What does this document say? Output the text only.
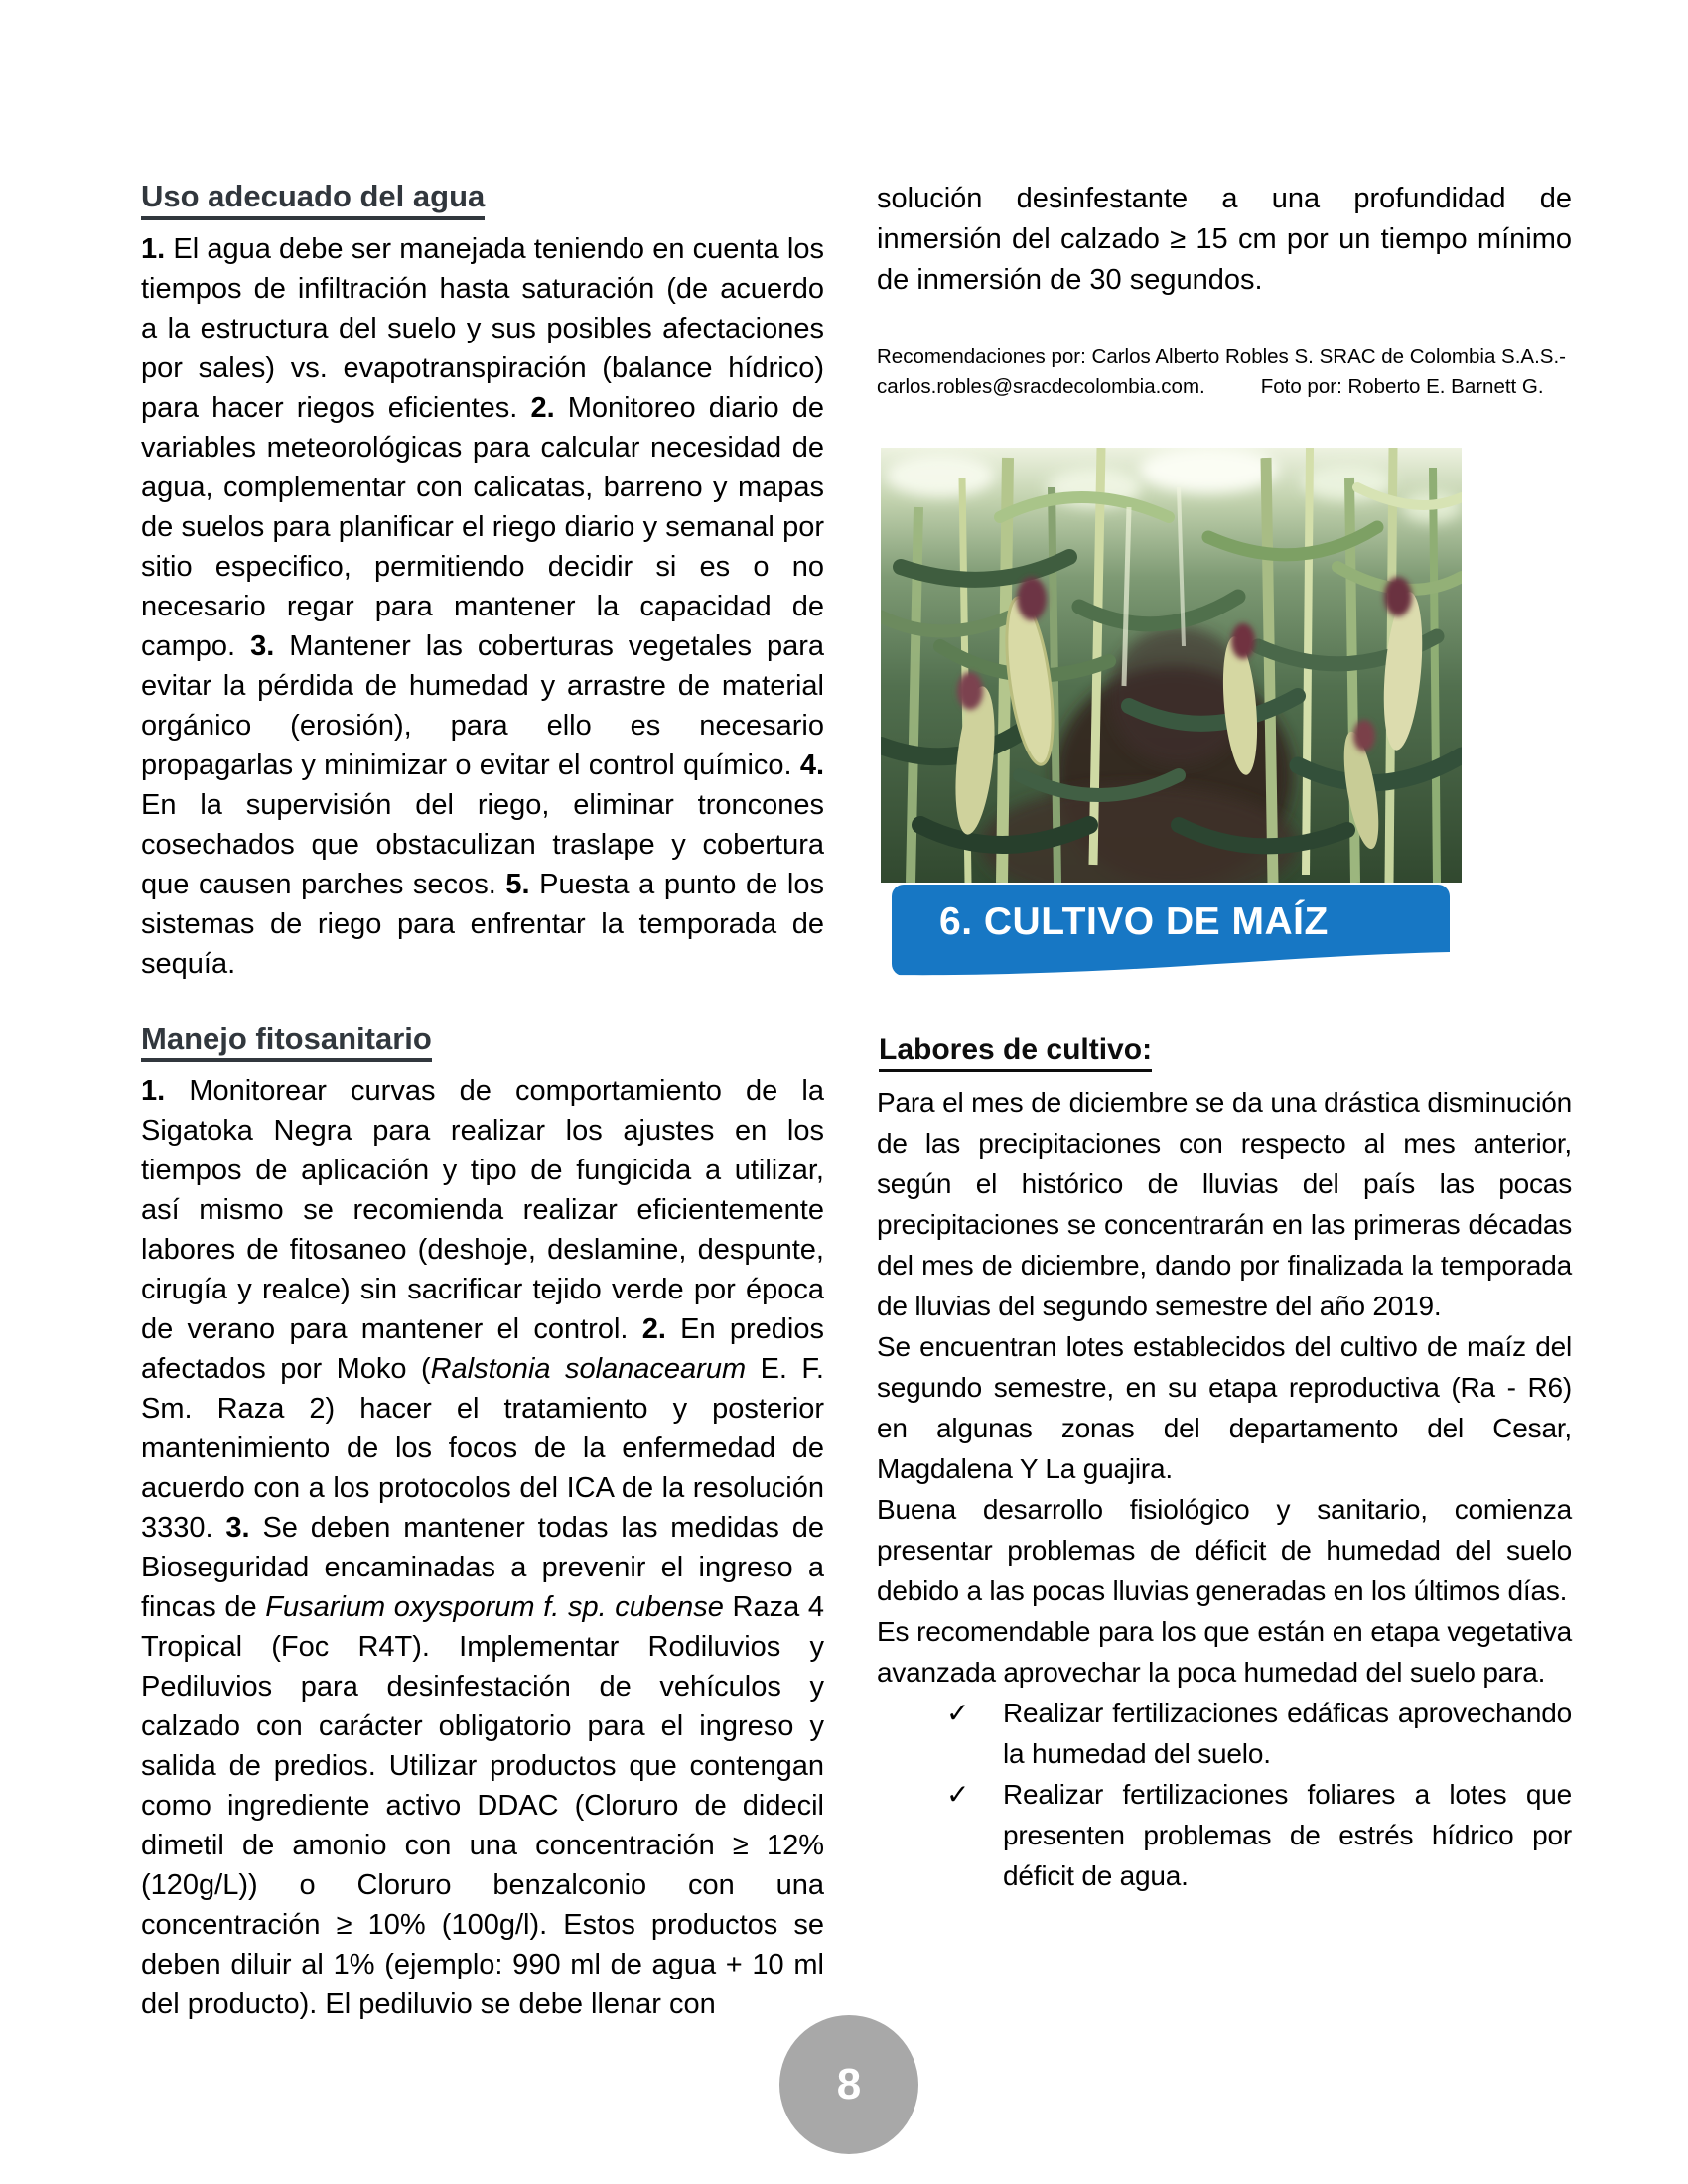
Uso adecuado del agua
1. El agua debe ser manejada teniendo en cuenta los tiempos de infiltración hasta saturación (de acuerdo a la estructura del suelo y sus posibles afectaciones por sales) vs. evapotranspiración (balance hídrico) para hacer riegos eficientes. 2. Monitoreo diario de variables meteorológicas para calcular necesidad de agua, complementar con calicatas, barreno y mapas de suelos para planificar el riego diario y semanal por sitio especifico, permitiendo decidir si es o no necesario regar para mantener la capacidad de campo. 3. Mantener las coberturas vegetales para evitar la pérdida de humedad y arrastre de material orgánico (erosión), para ello es necesario propagarlas y minimizar o evitar el control químico. 4. En la supervisión del riego, eliminar troncones cosechados que obstaculizan traslape y cobertura que causen parches secos. 5. Puesta a punto de los sistemas de riego para enfrentar la temporada de sequía.
Manejo fitosanitario
1. Monitorear curvas de comportamiento de la Sigatoka Negra para realizar los ajustes en los tiempos de aplicación y tipo de fungicida a utilizar, así mismo se recomienda realizar eficientemente labores de fitosaneo (deshoje, deslamine, despunte, cirugía y realce) sin sacrificar tejido verde por época de verano para mantener el control. 2. En predios afectados por Moko (Ralstonia solanacearum E. F. Sm. Raza 2) hacer el tratamiento y posterior mantenimiento de los focos de la enfermedad de acuerdo con a los protocolos del ICA de la resolución 3330. 3. Se deben mantener todas las medidas de Bioseguridad encaminadas a prevenir el ingreso a fincas de Fusarium oxysporum f. sp. cubense Raza 4 Tropical (Foc R4T). Implementar Rodiluvios y Pediluvios para desinfestación de vehículos y calzado con carácter obligatorio para el ingreso y salida de predios. Utilizar productos que contengan como ingrediente activo DDAC (Cloruro de didecil dimetil de amonio con una concentración ≥ 12% (120g/L)) o Cloruro benzalconio con una concentración ≥ 10% (100g/l). Estos productos se deben diluir al 1% (ejemplo: 990 ml de agua + 10 ml del producto). El pediluvio se debe llenar con

solución desinfestante a una profundidad de inmersión del calzado ≥ 15 cm por un tiempo mínimo de inmersión de 30 segundos.

Recomendaciones por: Carlos Alberto Robles S. SRAC de Colombia S.A.S.-carlos.robles@sracdecolombia.com.	Foto por: Roberto E. Barnett G.
6. CULTIVO DE MAÍZ
Labores de cultivo:

Para el mes de diciembre se da una drástica disminución de las precipitaciones con respecto al mes anterior, según el histórico de lluvias del país las pocas precipitaciones se concentrarán en las primeras décadas del mes de diciembre, dando por finalizada la temporada de lluvias del segundo semestre del año 2019.

Se encuentran lotes establecidos del cultivo de maíz del segundo semestre, en su etapa reproductiva (Ra - R6) en algunas zonas del departamento del Cesar, Magdalena Y La guajira.

Buena desarrollo fisiológico y sanitario, comienza presentar problemas de déficit de humedad del suelo debido a las pocas lluvias generadas en los últimos días.

Es recomendable para los que están en etapa vegetativa avanzada aprovechar la poca humedad del suelo para.

✓	Realizar fertilizaciones edáficas aprovechando la humedad del suelo.
✓	Realizar fertilizaciones foliares a lotes que presenten problemas de estrés hídrico por déficit de agua.
8
